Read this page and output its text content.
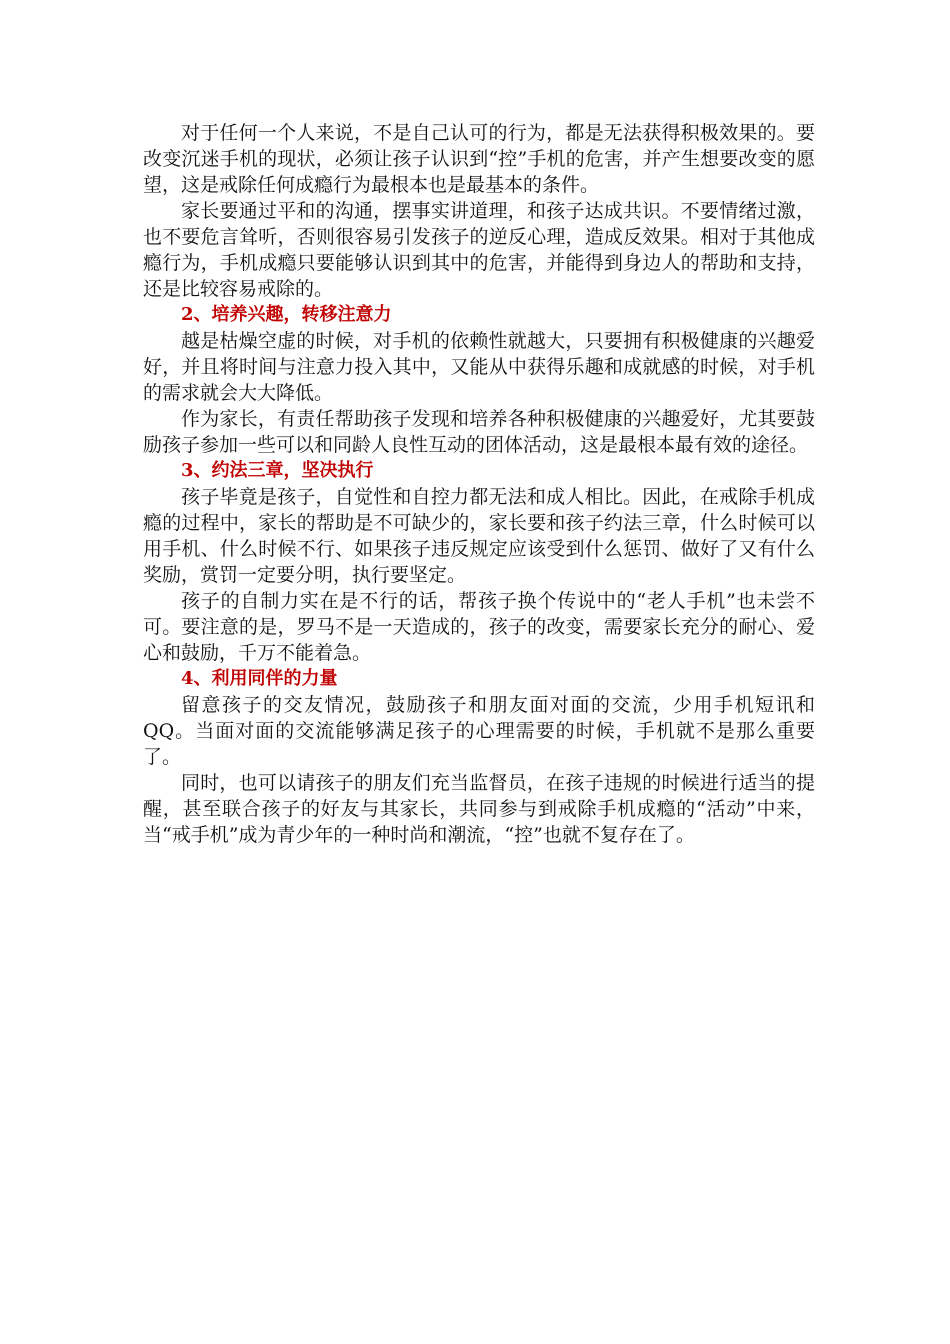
对于任何一个人来说，不是自己认可的行为，都是无法获得积极效果的。要改变沉迷手机的现状，必须让孩子认识到“控”手机的危害，并产生想要改变的愿望，这是戒除任何成瘾行为最根本也是最基本的条件。

家长要通过平和的沟通，摆事实讲道理，和孩子达成共识。不要情绪过激，也不要危言耸听，否则很容易引发孩子的逆反心理，造成反效果。相对于其他成瘾行为，手机成瘾只要能够认识到其中的危害，并能得到身边人的帮助和支持，还是比较容易戒除的。

2、培养兴趣，转移注意力

越是枯燥空虚的时候，对手机的依赖性就越大，只要拥有积极健康的兴趣爱好，并且将时间与注意力投入其中，又能从中获得乐趣和成就感的时候，对手机的需求就会大大降低。

作为家长，有责任帮助孩子发现和培养各种积极健康的兴趣爱好，尤其要鼓励孩子参加一些可以和同龄人良性互动的团体活动，这是最根本最有效的途径。

3、约法三章，坚决执行

孩子毕竟是孩子，自觉性和自控力都无法和成人相比。因此，在戒除手机成瘾的过程中，家长的帮助是不可缺少的，家长要和孩子约法三章，什么时候可以用手机、什么时候不行、如果孩子违反规定应该受到什么惩罚、做好了又有什么奖励，赏罚一定要分明，执行要坚定。

孩子的自制力实在是不行的话，帮孩子换个传说中的“老人手机”也未尝不可。要注意的是，罗马不是一天造成的，孩子的改变，需要家长充分的耐心、爱心和鼓励，千万不能着急。

4、利用同伴的力量

留意孩子的交友情况，鼓励孩子和朋友面对面的交流，少用手机短讯和QQ。当面对面的交流能够满足孩子的心理需要的时候，手机就不是那么重要了。

同时，也可以请孩子的朋友们充当监督员，在孩子违规的时候进行适当的提醒，甚至联合孩子的好友与其家长，共同参与到戒除手机成瘾的“活动”中来，当“戒手机”成为青少年的一种时尚和潮流，“控”也就不复存在了。
